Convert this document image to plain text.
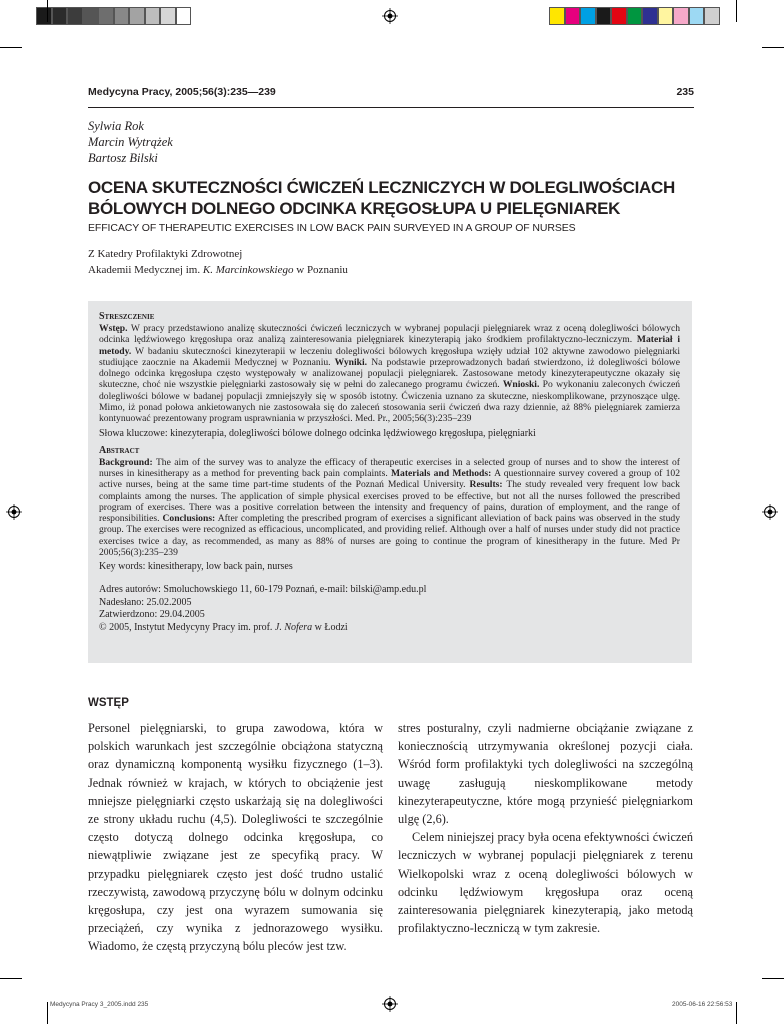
Medycyna Pracy, 2005;56(3):235—239	235
Sylwia Rok
Marcin Wytrążek
Bartosz Bilski
OCENA SKUTECZNOŚCI ĆWICZEŃ LECZNICZYCH W DOLEGLIWOŚCIACH
BÓLOWYCH DOLNEGO ODCINKA KRĘGOSŁUPA U PIELĘGNIAREK
EFFICACY OF THERAPEUTIC EXERCISES IN LOW BACK PAIN SURVEYED IN A GROUP OF NURSES
Z Katedry Profilaktyki Zdrowotnej
Akademii Medycznej im. K. Marcinkowskiego w Poznaniu
Streszczenie

Wstęp. W pracy przedstawiono analizę skuteczności ćwiczeń leczniczych w wybranej populacji pielęgniarek wraz z oceną dolegliwości bólowych odcinka lędźwiowego kręgosłupa oraz analizą zainteresowania pielęgniarek kinezyterapią jako środkiem profilaktyczno-leczniczym. Materiał i metody. W badaniu skuteczności kinezyterapii w leczeniu dolegliwości bólowych kręgosłupa wzięły udział 102 aktywne zawodowo pielęgniarki studiujące zaocznie na Akademii Medycznej w Poznaniu. Wyniki. Na podstawie przeprowadzonych badań stwierdzono, iż dolegliwości bólowe dolnego odcinka kręgosłupa często występowały w analizowanej populacji pielęgniarek. Zastosowane metody kinezyterapeutyczne okazały się skuteczne, choć nie wszystkie pielęgniarki zastosowały się w pełni do zalecanego programu ćwiczeń. Wnioski. Po wykonaniu zaleconych ćwiczeń dolegliwości bólowe w badanej populacji zmniejszyły się w sposób istotny. Ćwiczenia uznano za skuteczne, nieskomplikowane, przynoszące ulgę. Mimo, iż ponad połowa ankietowanych nie zastosowała się do zaleceń stosowania serii ćwiczeń dwa razy dziennie, aż 88% pielęgniarek zamierza kontynuować prezentowany program usprawniania w przyszłości. Med. Pr., 2005;56(3):235–239

Słowa kluczowe: kinezyterapia, dolegliwości bólowe dolnego odcinka lędźwiowego kręgosłupa, pielęgniarki
Abstract

Background: The aim of the survey was to analyze the efficacy of therapeutic exercises in a selected group of nurses and to show the interest of nurses in kinesitherapy as a method for preventing back pain complaints. Materials and Methods: A questionnaire survey covered a group of 102 active nurses, being at the same time part-time students of the Poznań Medical University. Results: The study revealed very frequent low back complaints among the nurses. The application of simple physical exercises proved to be effective, but not all the nurses followed the prescribed program of exercises. There was a positive correlation between the intensity and frequency of pains, duration of employment, and the range of responsibilities. Conclusions: After completing the prescribed program of exercises a significant alleviation of back pains was observed in the study group. The exercises were recognized as efficacious, uncomplicated, and providing relief. Although over a half of nurses under study did not practice exercises twice a day, as recommended, as many as 88% of nurses are going to continue the program of kinesitherapy in the future. Med Pr 2005;56(3):235–239

Key words: kinesitherapy, low back pain, nurses
Adres autorów: Smoluchowskiego 11, 60-179 Poznań, e-mail: bilski@amp.edu.pl
Nadesłano: 25.02.2005
Zatwierdzono: 29.04.2005
© 2005, Instytut Medycyny Pracy im. prof. J. Nofera w Łodzi
WSTĘP

Personel pielęgniarski, to grupa zawodowa, która w polskich warunkach jest szczególnie obciążona statyczną oraz dynamiczną komponentą wysiłku fizycznego (1–3). Jednak również w krajach, w których to obciążenie jest mniejsze pielęgniarki często uskarżają się na dolegliwości ze strony układu ruchu (4,5). Dolegliwości te szczególnie często dotyczą dolnego odcinka kręgosłupa, co niewątpliwie związane jest ze specyfiką pracy. W przypadku pielęgniarek często jest dość trudno ustalić rzeczywistą, zawodową przyczynę bólu w dolnym odcinku kręgosłupa, czy jest ona wyrazem sumowania się przeciążeń, czy wynika z jednorazowego wysiłku. Wiadomo, że częstą przyczyną bólu pleców jest tzw.

stres posturalny, czyli nadmierne obciążanie związane z koniecznością utrzymywania określonej pozycji ciała. Wśród form profilaktyki tych dolegliwości na szczególną uwagę zasługują nieskomplikowane metody kinezyterapeutyczne, które mogą przynieść pielęgniarkom ulgę (2,6).

Celem niniejszej pracy była ocena efektywności ćwiczeń leczniczych w wybranej populacji pielęgniarek z terenu Wielkopolski wraz z oceną dolegliwości bólowych w odcinku lędźwiowym kręgosłupa oraz oceną zainteresowania pielęgniarek kinezyterapią, jako metodą profilaktyczno-leczniczą w tym zakresie.

Medycyna Pracy 3_2005.indd 235	2005-06-16 22:56:53
